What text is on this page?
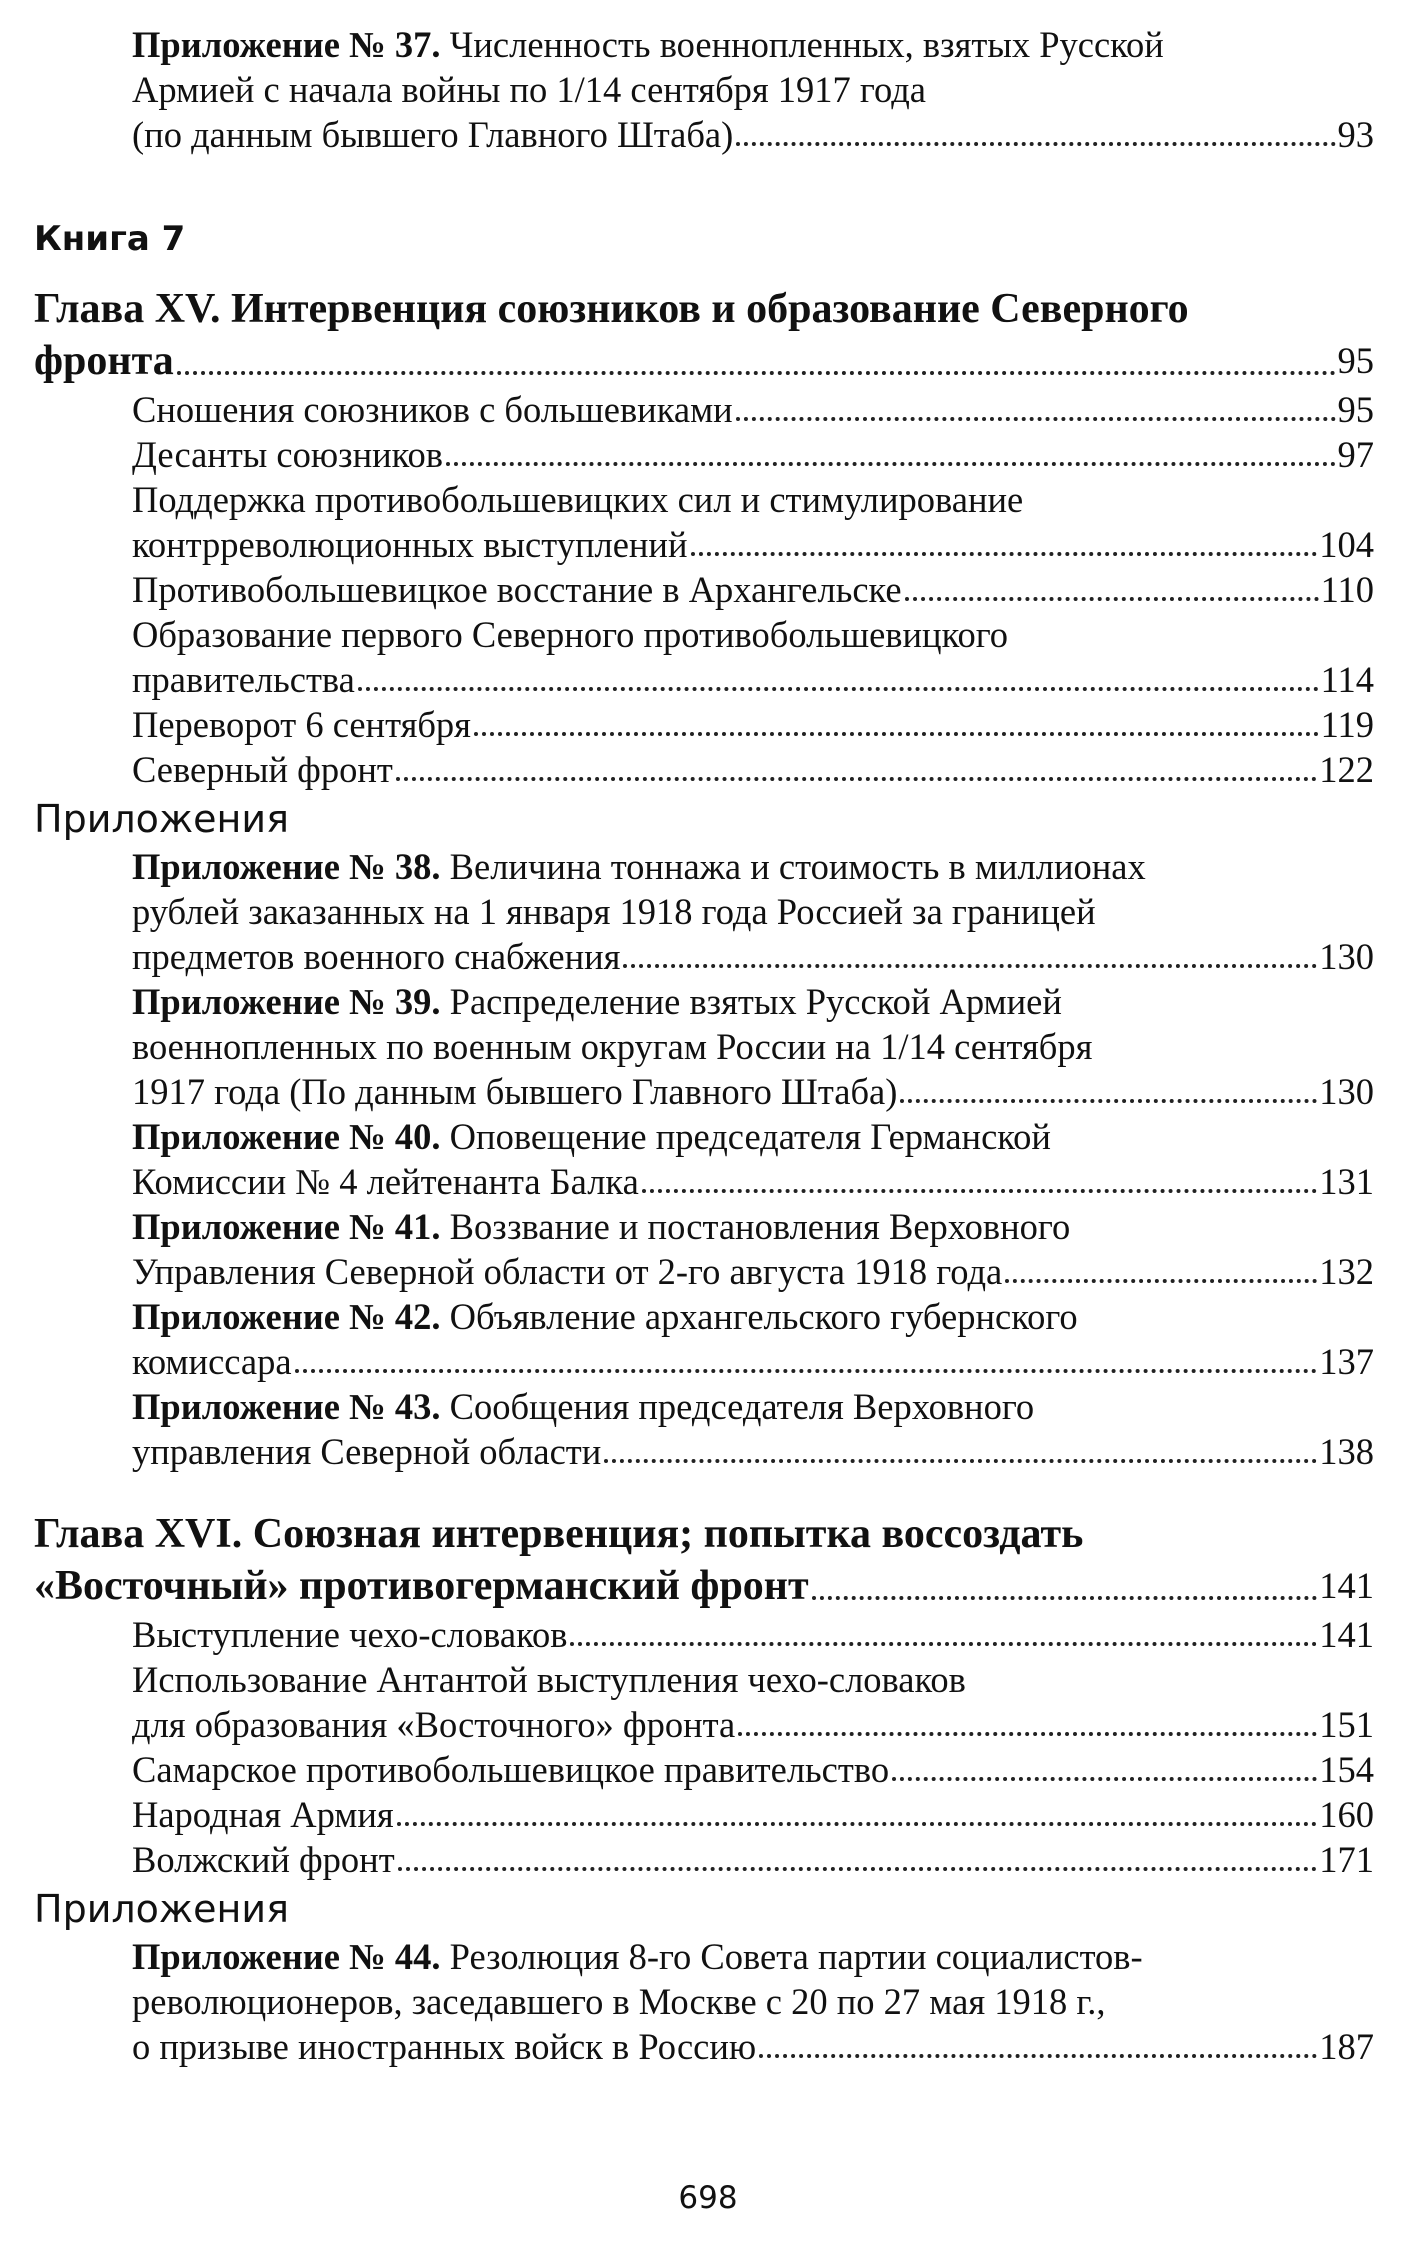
Приложение № 37. Численность военнопленных, взятых Русской
Армией с начала войны по 1/14 сентября 1917 года
(по данным бывшего Главного Штаба)	93
Книга 7
Глава XV. Интервенция союзников и образование Северного
фронта	95
Сношения союзников с большевиками	95
Десанты союзников	97
Поддержка противобольшевицких сил и стимулирование
контрреволюционных выступлений	104
Противобольшевицкое восстание в Архангельске	110
Образование первого Северного противобольшевицкого
правительства	114
Переворот 6 сентября	119
Северный фронт	122
Приложения
Приложение № 38. Величина тоннажа и стоимость в миллионах
рублей заказанных на 1 января 1918 года Россией за границей
предметов военного снабжения	130
Приложение № 39. Распределение взятых Русской Армией
военнопленных по военным округам России на 1/14 сентября
1917 года (По данным бывшего Главного Штаба)	130
Приложение № 40. Оповещение председателя Германской
Комиссии № 4 лейтенанта Балка	131
Приложение № 41. Воззвание и постановления Верховного
Управления Северной области от 2-го августа 1918 года	132
Приложение № 42. Объявление архангельского губернского
комиссара	137
Приложение № 43. Сообщения председателя Верховного
управления Северной области	138
Глава XVI. Союзная интервенция; попытка воссоздать
«Восточный» противогерманский фронт	141
Выступление чехо-словаков	141
Использование Антантой выступления чехо-словаков
для образования «Восточного» фронта	151
Самарское противобольшевицкое правительство	154
Народная Армия	160
Волжский фронт	171
Приложения
Приложение № 44. Резолюция 8-го Совета партии социалистов-
революционеров, заседавшего в Москве с 20 по 27 мая 1918 г.,
о призыве иностранных войск в Россию	187
698
